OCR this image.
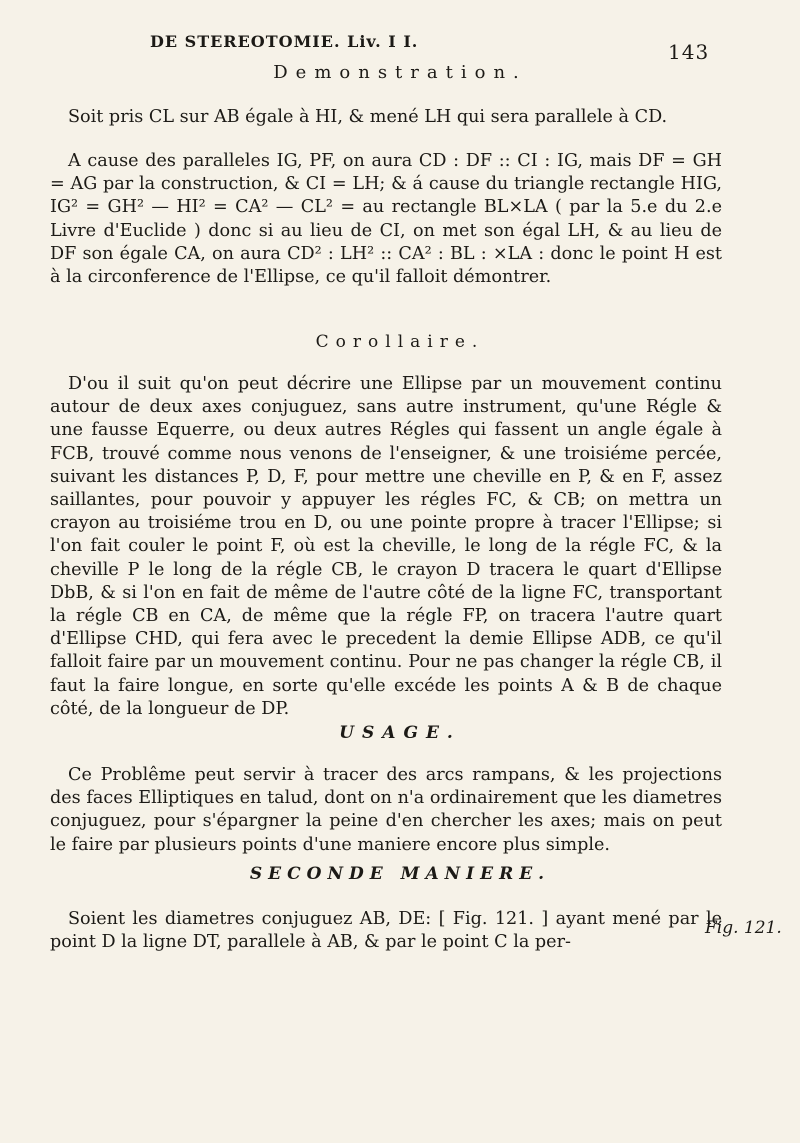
DE STEREOTOMIE. Liv. I I.	143
Demonstration.
Soit pris CL sur AB égale à HI, & mené LH qui sera parallele à CD.
A cause des paralleles IG, PF, on aura CD : DF :: CI : IG, mais DF = GH = AG par la construction, & CI = LH; & á cause du triangle rectangle HIG, IG² = GH² — HI² = CA² — CL² = au rectangle BL×LA ( par la 5.e du 2.e Livre d'Euclide ) donc si au lieu de CI, on met son égal LH, & au lieu de DF son égale CA, on aura CD² : LH² :: CA² : BL : ×LA : donc le point H est à la circonference de l'Ellipse, ce qu'il falloit démontrer.
Corollaire.
D'ou il suit qu'on peut décrire une Ellipse par un mouvement continu autour de deux axes conjuguez, sans autre instrument, qu'une Régle & une fausse Equerre, ou deux autres Régles qui fassent un angle égale à FCB, trouvé comme nous venons de l'enseigner, & une troisiéme percée, suivant les distances P, D, F, pour mettre une cheville en P, & en F, assez saillantes, pour pouvoir y appuyer les régles FC, & CB; on mettra un crayon au troisiéme trou en D, ou une pointe propre à tracer l'Ellipse; si l'on fait couler le point F, où est la cheville, le long de la régle FC, & la cheville P le long de la régle CB, le crayon D tracera le quart d'Ellipse DbB, & si l'on en fait de même de l'autre côté de la ligne FC, transportant la régle CB en CA, de même que la régle FP, on tracera l'autre quart d'Ellipse CHD, qui fera avec le precedent la demie Ellipse ADB, ce qu'il falloit faire par un mouvement continu. Pour ne pas changer la régle CB, il faut la faire longue, en sorte qu'elle excéde les points A & B de chaque côté, de la longueur de DP.
USAGE.
Ce Problême peut servir à tracer des arcs rampans, & les projections des faces Elliptiques en talud, dont on n'a ordinairement que les diametres conjuguez, pour s'épargner la peine d'en chercher les axes; mais on peut le faire par plusieurs points d'une maniere encore plus simple.
SECONDE MANIERE.
Soient les diametres conjuguez AB, DE: [ Fig. 121. ] ayant mené par le point D la ligne DT, parallele à AB, & par le point C la per-
Fig. 121.
